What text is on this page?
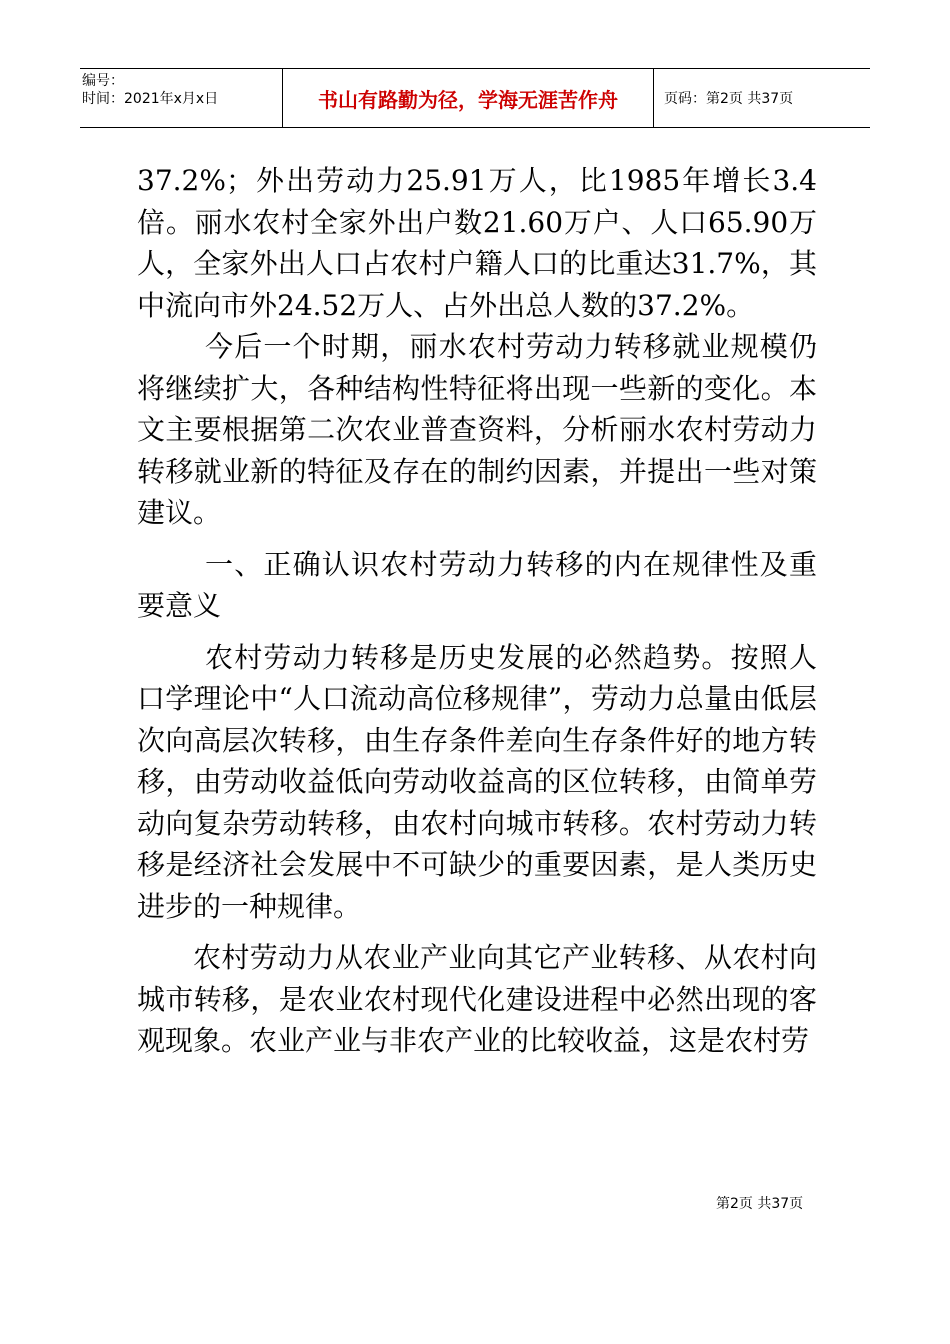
编号：
时间：2021年x月x日	书山有路勤为径，学海无涯苦作舟	页码：第2页 共37页

37.2%；外出劳动力25.91万人，比1985年增长3.4倍。丽水农村全家外出户数21.60万户、人口65.90万人，全家外出人口占农村户籍人口的比重达31.7%，其中流向市外24.52万人、占外出总人数的37.2%。

今后一个时期，丽水农村劳动力转移就业规模仍将继续扩大，各种结构性特征将出现一些新的变化。本文主要根据第二次农业普查资料，分析丽水农村劳动力转移就业新的特征及存在的制约因素，并提出一些对策建议。

一、正确认识农村劳动力转移的内在规律性及重要意义

农村劳动力转移是历史发展的必然趋势。按照人口学理论中“人口流动高位移规律”，劳动力总量由低层次向高层次转移，由生存条件差向生存条件好的地方转移，由劳动收益低向劳动收益高的区位转移，由简单劳动向复杂劳动转移，由农村向城市转移。农村劳动力转移是经济社会发展中不可缺少的重要因素，是人类历史进步的一种规律。

农村劳动力从农业产业向其它产业转移、从农村向城市转移，是农业农村现代化建设进程中必然出现的客观现象。农业产业与非农产业的比较收益，这是农村劳

第2页 共37页
